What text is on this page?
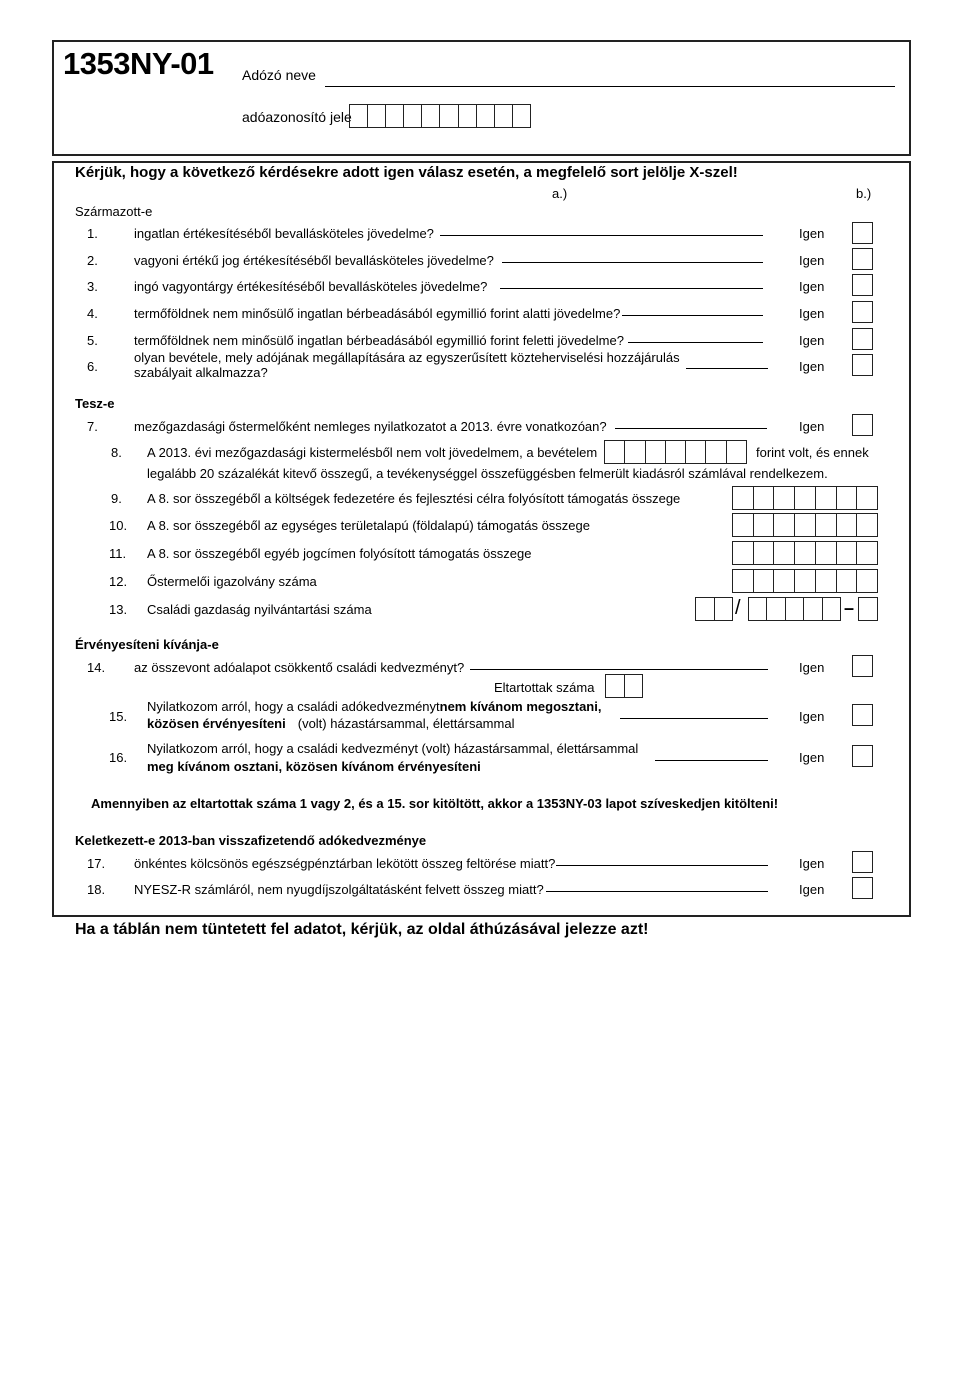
1353NY-01 Adózó neve
adóazonosító jele
Kérjük, hogy a következő kérdésekre adott igen válasz esetén, a megfelelő sort jelölje X-szel!
a.)	b.)
Származott-e
1.	ingatlan értékesítéséből bevallásköteles jövedelme?	Igen
2.	vagyoni értékű jog értékesítéséből bevallásköteles jövedelme?	Igen
3.	ingó vagyontárgy értékesítéséből bevallásköteles jövedelme?	Igen
4.	termőföldnek nem minősülő ingatlan bérbeadásából egymillió forint alatti jövedelme?	Igen
5.	termőföldnek nem minősülő ingatlan bérbeadásából egymillió forint feletti jövedelme?	Igen
6.
olyan bevétele, mely adójának megállapítására az egyszerűsített közteherviselési hozzájárulás
szabályait alkalmazza?	Igen
Tesz-e
7.	mezőgazdasági őstermelőként nemleges nyilatkozatot a 2013. évre vonatkozóan?	Igen
8. A 2013. évi mezőgazdasági kistermelésből nem volt jövedelmem, a bevételem	forint volt, és ennek
legalább 20 százalékát kitevő összegű, a tevékenységgel összefüggésben felmerült kiadásról számlával rendelkezem.
9. A 8. sor összegéből a költségek fedezetére és fejlesztési célra folyósított támogatás összege
10. A 8. sor összegéből az egységes területalapú (földalapú) támogatás összege
11. A 8. sor összegéből egyéb jogcímen folyósított támogatás összege
12. Őstermelői igazolvány száma
13. Családi gazdaság nyilvántartási száma	/	–
Érvényesíteni kívánja-e
14. az összevont adóalapot csökkentő családi kedvezményt?	Igen
Eltartottak száma
15.
Nyilatkozom arról, hogy a családi adókedvezménytnem kívánom megosztani,
közösen érvényesíteni (volt) házastársammal, élettársammal	Igen
16.
Nyilatkozom arról, hogy a családi kedvezményt (volt) házastársammal, élettársammal
meg kívánom osztani, közösen kívánom érvényesíteni
Igen
Amennyiben az eltartottak száma 1 vagy 2, és a 15. sor kitöltött, akkor a 1353NY-03 lapot szíveskedjen kitölteni!
Keletkezett-e 2013-ban visszafizetendő adókedvezménye
17. önkéntes kölcsönös egészségpénztárban lekötött összeg feltörése miatt?	Igen
18. NYESZ-R számláról, nem nyugdíjszolgáltatásként felvett összeg miatt?	Igen
Ha a táblán nem tüntetett fel adatot, kérjük, az oldal áthúzásával jelezze azt!
